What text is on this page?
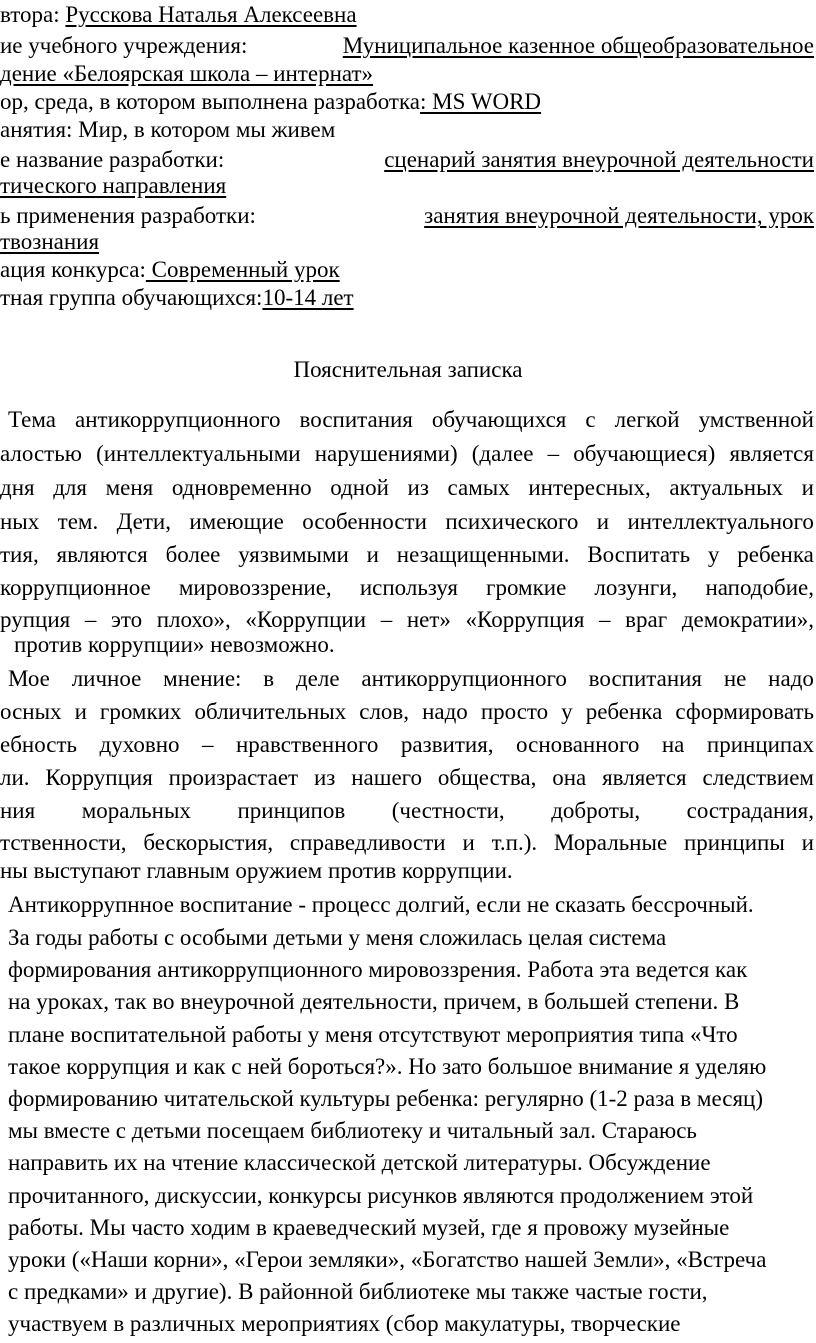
втора: Русскова Наталья Алексеевна
ие учебного учреждения:	Муниципальное казенное общеобразовательное
дение «Белоярская школа – интернат»
ор, среда, в котором выполнена разработка: MS WORD
анятия: Мир, в котором мы живем
е название разработки:	сценарий занятия внеурочной деятельности
тического направления
ь применения разработки:	занятия внеурочной деятельности, урок
твознания
ация конкурса: Современный урок
тная группа обучающихся:10-14 лет
Пояснительная записка
Тема антикоррупционного воспитания обучающихся с легкой умственной
алостью (интеллектуальными нарушениями) (далее – обучающиеся) является
дня для меня одновременно одной из самых интересных, актуальных и
ных тем. Дети, имеющие особенности психического и интеллектуального
тия, являются более уязвимыми и незащищенными. Воспитать у ребенка
коррупционное мировоззрение, используя громкие лозунги, наподобие,
рупция – это плохо», «Коррупции – нет» «Коррупция – враг демократии»,
против коррупции» невозможно.
Мое личное мнение: в деле антикоррупционного воспитания не надо
осных и громких обличительных слов, надо просто у ребенка сформировать
ебность духовно – нравственного развития, основанного на принципах
ли. Коррупция произрастает из нашего общества, она является следствием
ния моральных принципов (честности, доброты, сострадания,
тственности, бескорыстия, справедливости и т.п.). Моральные принципы и
ны выступают главным оружием против коррупции.
Антикоррупнное воспитание - процесс долгий, если не сказать бессрочный.
За годы работы с особыми детьми у меня сложилась целая система
формирования антикоррупционного мировоззрения. Работа эта ведется как
на уроках, так во внеурочной деятельности, причем, в большей степени. В
плане воспитательной работы у меня отсутствуют мероприятия типа «Что
такое коррупция и как с ней бороться?». Но зато большое внимание я уделяю
формированию читательской культуры ребенка: регулярно (1-2 раза в месяц)
мы вместе с детьми посещаем библиотеку и читальный зал. Стараюсь
направить их на чтение классической детской литературы. Обсуждение
прочитанного, дискуссии, конкурсы рисунков являются продолжением этой
работы. Мы часто ходим в краеведческий музей, где я провожу музейные
уроки («Наши корни», «Герои земляки», «Богатство нашей Земли», «Встреча
с предками» и другие). В районной библиотеке мы также частые гости,
участвуем в различных мероприятиях (сбор макулатуры, творческие
